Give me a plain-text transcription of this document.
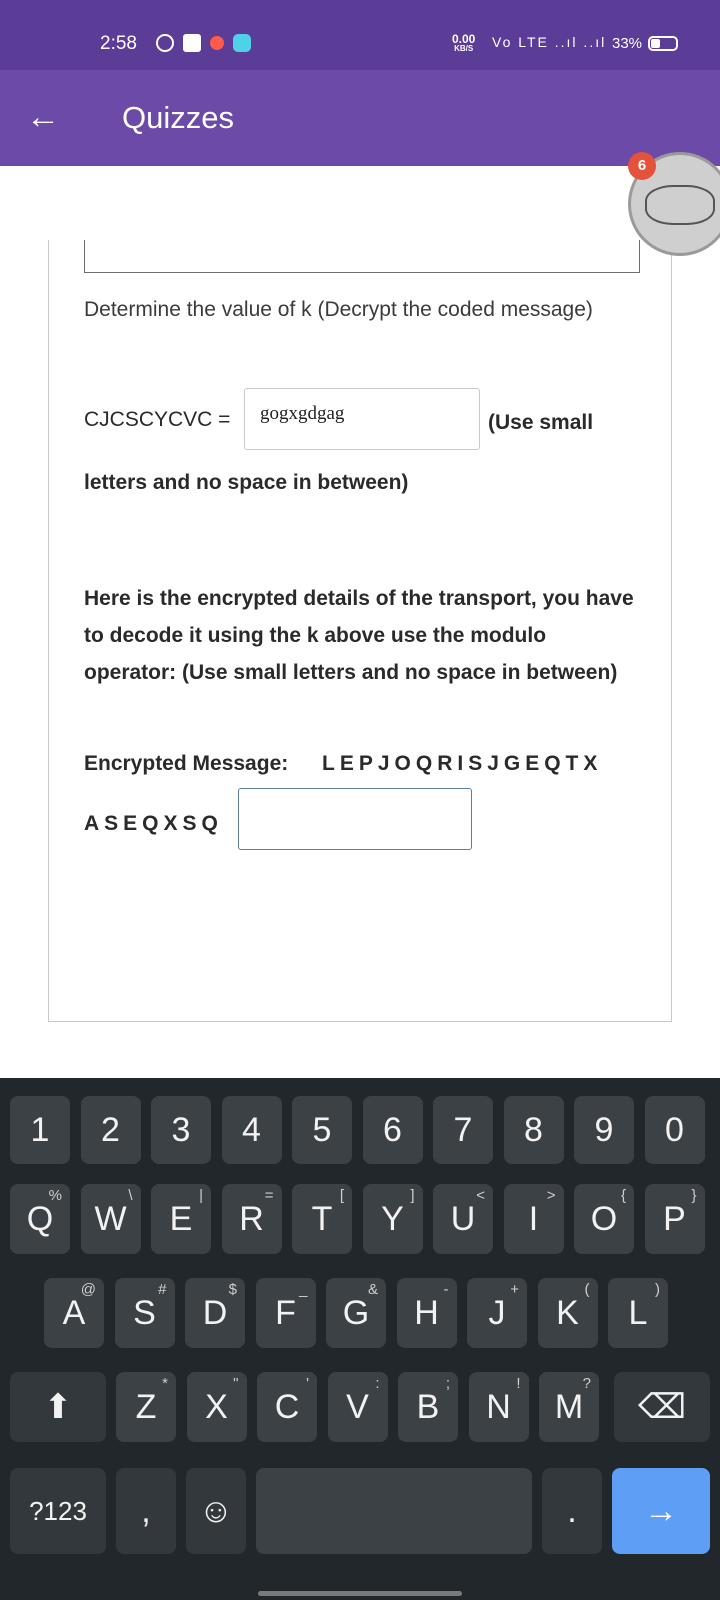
2:58	0.00
KB/S Vo LTE ..ıl ..ıl 33%
← Quizzes
Determine the value of k (Decrypt the coded message)
CJCSCYCVC =	gogxgdgag	(Use small
letters and no space in between)
Here is the encrypted details of the transport, you have to decode it using the k above use the modulo operator: (Use small letters and no space in between)
Encrypted Message: LEPJOQRISJGEQTX
ASEQXSQ
6
1	2	3	4	5	6	7	8	9	0
Q
%
W
\
E
|
R
=
T
[
Y
]
U
<
I
>
O
{
P
}
A
@
S
#
D
$
F
_
G
&
H
-
J
+
K
(
L
)
⬆	Z
*
X
"
C
'
V
:
B
;
N
!
M
?
⌫
?123	,	☺	.	→
